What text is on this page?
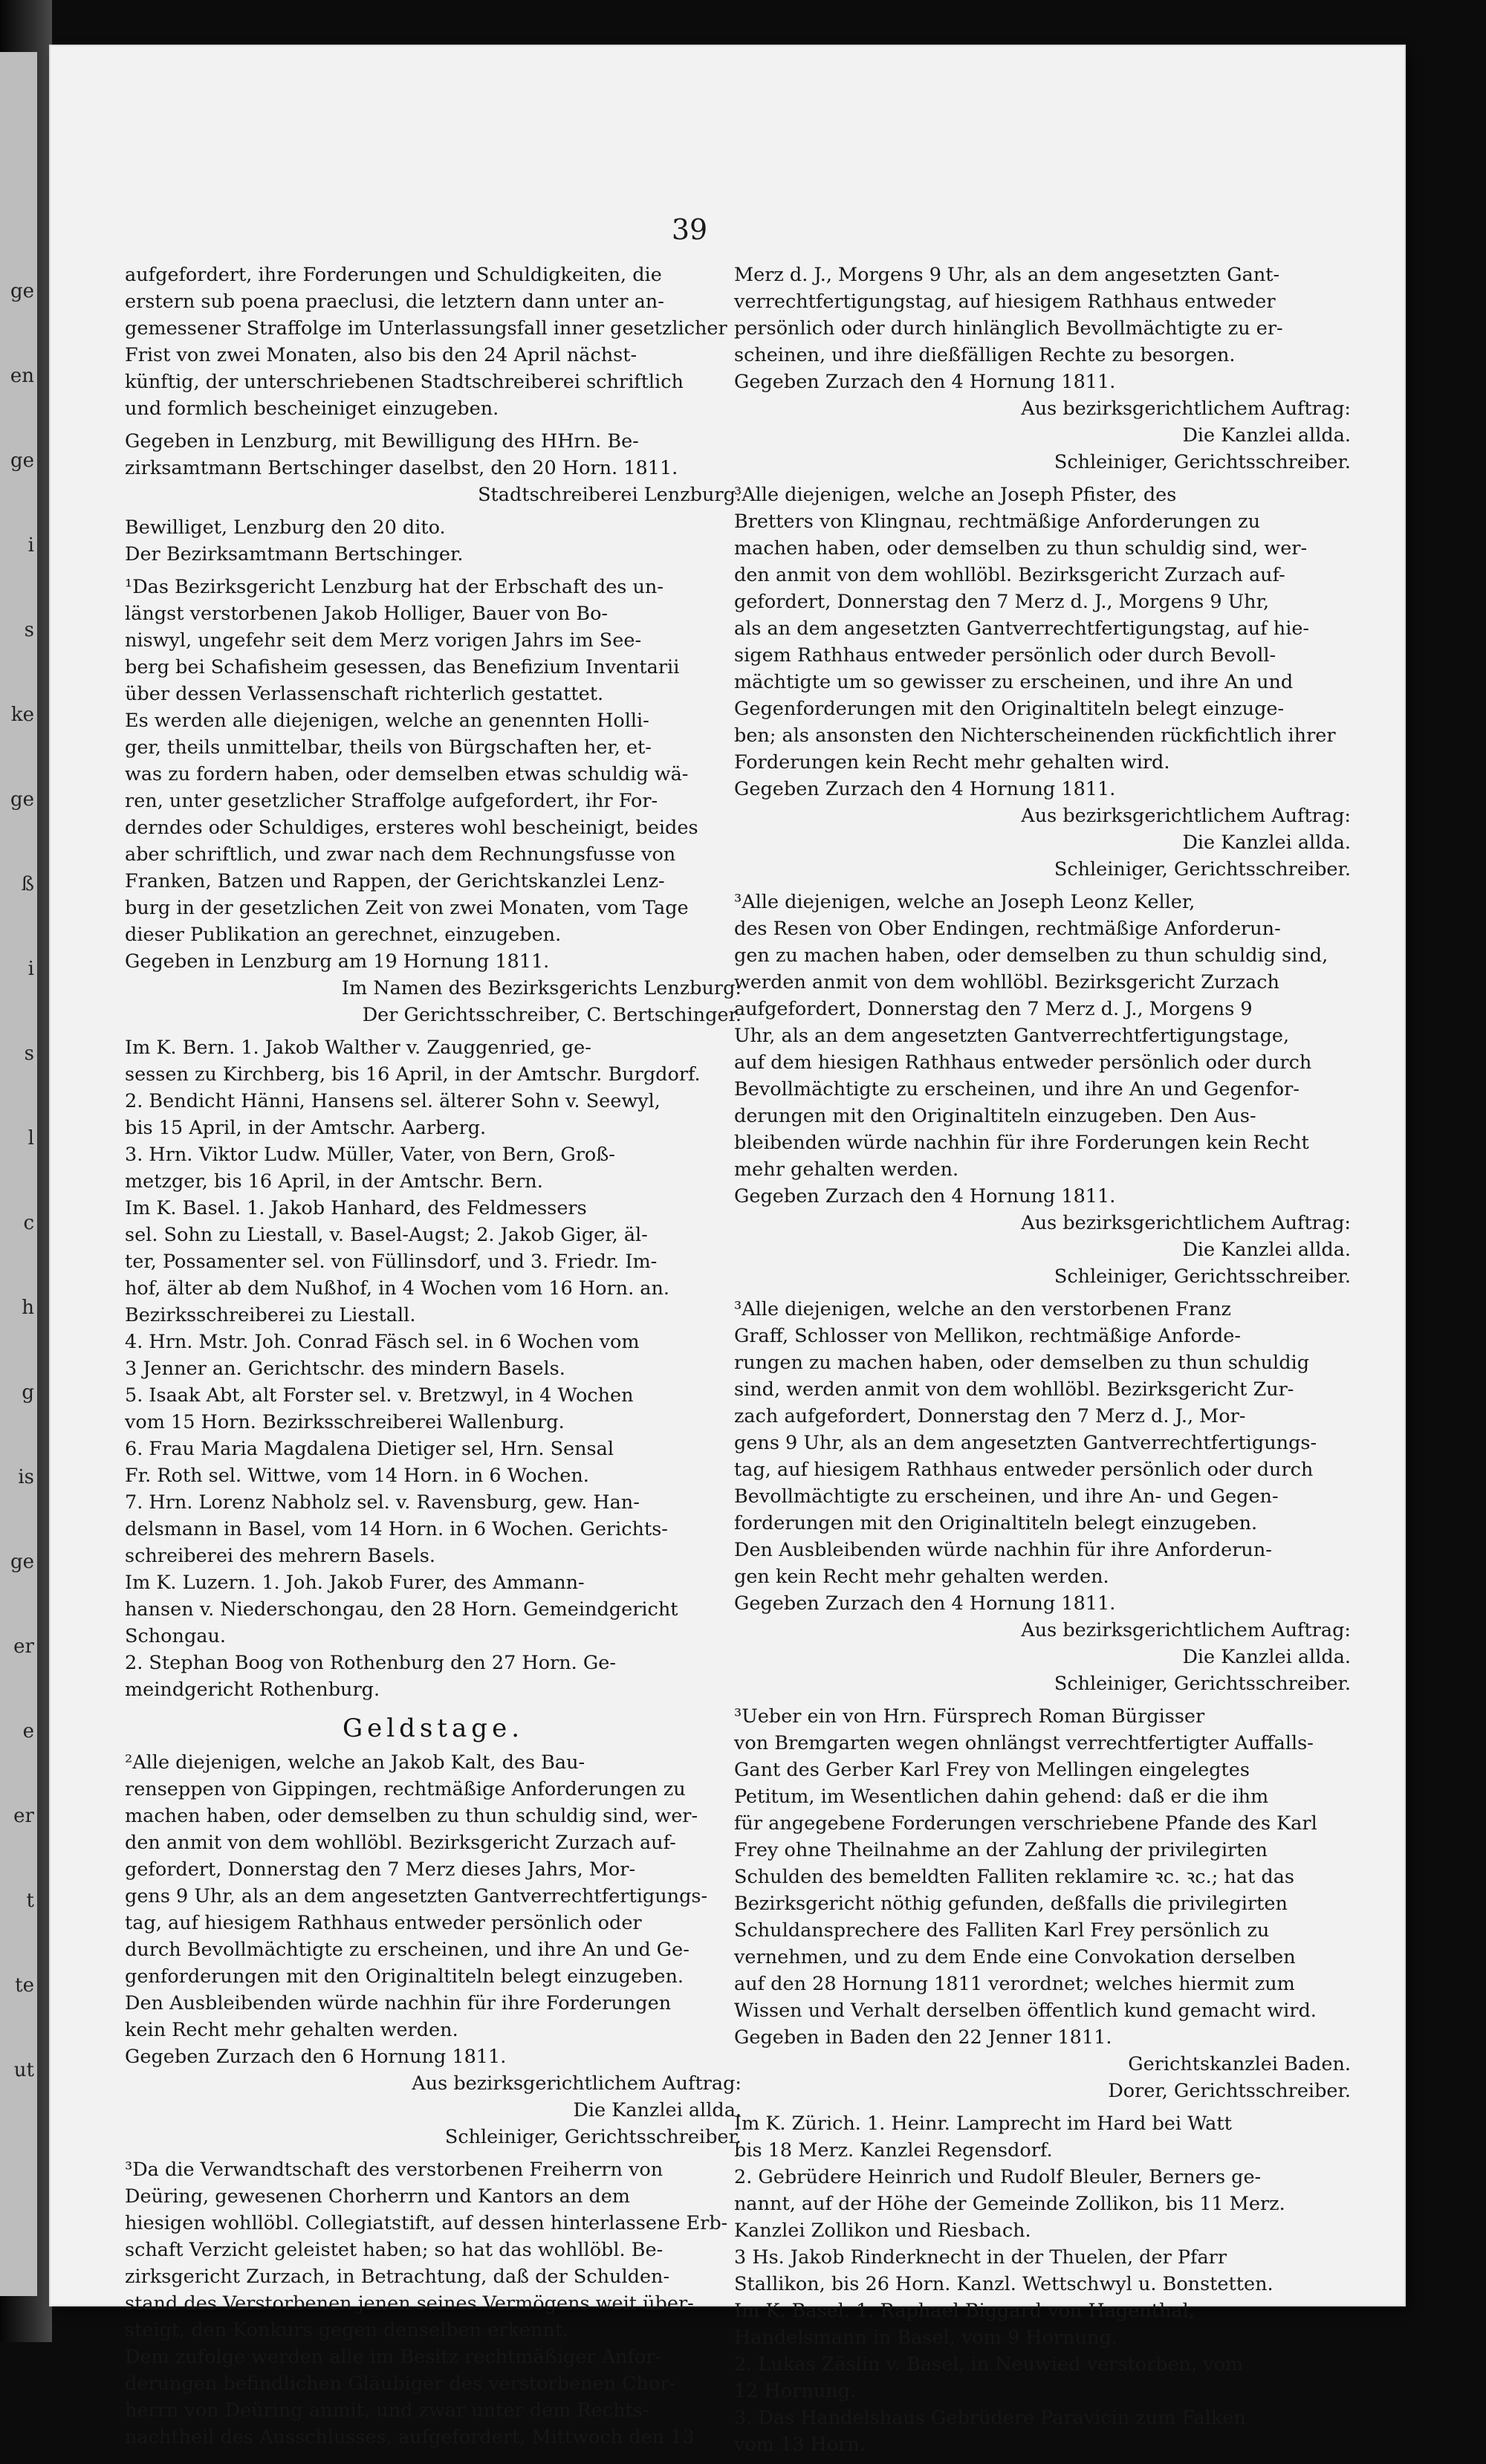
ge
en
ge
i
s
ke
ge
ß
i
s
l
c
h
g
is
ge
er
e
er
t
te
ut
39

aufgefordert, ihre Forderungen und Schuldigkeiten, die

erstern sub poena praeclusi, die letztern dann unter an-

gemessener Straffolge im Unterlassungsfall inner gesetzlicher

Frist von zwei Monaten, also bis den 24 April nächst-

künftig, der unterschriebenen Stadtschreiberei schriftlich

und formlich bescheiniget einzugeben.

Gegeben in Lenzburg, mit Bewilligung des HHrn. Be-

zirksamtmann Bertschinger daselbst, den 20 Horn. 1811.

Stadtschreiberei Lenzburg.

Bewilliget, Lenzburg den 20 dito.

Der Bezirksamtmann Bertschinger.

¹Das Bezirksgericht Lenzburg hat der Erbschaft des un-

längst verstorbenen Jakob Holliger, Bauer von Bo-

niswyl, ungefehr seit dem Merz vorigen Jahrs im See-

berg bei Schafisheim gesessen, das Benefizium Inventarii

über dessen Verlassenschaft richterlich gestattet.

Es werden alle diejenigen, welche an genennten Holli-

ger, theils unmittelbar, theils von Bürgschaften her, et-

was zu fordern haben, oder demselben etwas schuldig wä-

ren, unter gesetzlicher Straffolge aufgefordert, ihr For-

derndes oder Schuldiges, ersteres wohl bescheinigt, beides

aber schriftlich, und zwar nach dem Rechnungsfusse von

Franken, Batzen und Rappen, der Gerichtskanzlei Lenz-

burg in der gesetzlichen Zeit von zwei Monaten, vom Tage

dieser Publikation an gerechnet, einzugeben.

Gegeben in Lenzburg am 19 Hornung 1811.

Im Namen des Bezirksgerichts Lenzburg:

Der Gerichtsschreiber, C. Bertschinger.

Im K. Bern. 1. Jakob Walther v. Zauggenried, ge-

sessen zu Kirchberg, bis 16 April, in der Amtschr. Burgdorf.

2. Bendicht Hänni, Hansens sel. älterer Sohn v. Seewyl,

bis 15 April, in der Amtschr. Aarberg.

3. Hrn. Viktor Ludw. Müller, Vater, von Bern, Groß-

metzger, bis 16 April, in der Amtschr. Bern.

Im K. Basel. 1. Jakob Hanhard, des Feldmessers

sel. Sohn zu Liestall, v. Basel-Augst; 2. Jakob Giger, äl-

ter, Possamenter sel. von Füllinsdorf, und 3. Friedr. Im-

hof, älter ab dem Nußhof, in 4 Wochen vom 16 Horn. an.

Bezirksschreiberei zu Liestall.

4. Hrn. Mstr. Joh. Conrad Fäsch sel. in 6 Wochen vom

3 Jenner an. Gerichtschr. des mindern Basels.

5. Isaak Abt, alt Forster sel. v. Bretzwyl, in 4 Wochen

vom 15 Horn. Bezirksschreiberei Wallenburg.

6. Frau Maria Magdalena Dietiger sel, Hrn. Sensal

Fr. Roth sel. Wittwe, vom 14 Horn. in 6 Wochen.

7. Hrn. Lorenz Nabholz sel. v. Ravensburg, gew. Han-

delsmann in Basel, vom 14 Horn. in 6 Wochen. Gerichts-

schreiberei des mehrern Basels.

Im K. Luzern. 1. Joh. Jakob Furer, des Ammann-

hansen v. Niederschongau, den 28 Horn. Gemeindgericht

Schongau.

2. Stephan Boog von Rothenburg den 27 Horn. Ge-

meindgericht Rothenburg.

Geldstage.

²Alle diejenigen, welche an Jakob Kalt, des Bau-

renseppen von Gippingen, rechtmäßige Anforderungen zu

machen haben, oder demselben zu thun schuldig sind, wer-

den anmit von dem wohllöbl. Bezirksgericht Zurzach auf-

gefordert, Donnerstag den 7 Merz dieses Jahrs, Mor-

gens 9 Uhr, als an dem angesetzten Gantverrechtfertigungs-

tag, auf hiesigem Rathhaus entweder persönlich oder

durch Bevollmächtigte zu erscheinen, und ihre An und Ge-

genforderungen mit den Originaltiteln belegt einzugeben.

Den Ausbleibenden würde nachhin für ihre Forderungen

kein Recht mehr gehalten werden.

Gegeben Zurzach den 6 Hornung 1811.

Aus bezirksgerichtlichem Auftrag:

Die Kanzlei allda.

Schleiniger, Gerichtsschreiber.

³Da die Verwandtschaft des verstorbenen Freiherrn von

Deüring, gewesenen Chorherrn und Kantors an dem

hiesigen wohllöbl. Collegiatstift, auf dessen hinterlassene Erb-

schaft Verzicht geleistet haben; so hat das wohllöbl. Be-

zirksgericht Zurzach, in Betrachtung, daß der Schulden-

stand des Verstorbenen jenen seines Vermögens weit über-

steigt, den Konkurs gegen denselben erkennt.

Dem zufolge werden alle im Besitz rechtmäßiger Anfor-

derungen befindlichen Gläubiger des verstorbenen Chor-

herrn von Deüring anmit, und zwar unter dem Rechts-

nachtheil des Ausschlusses, aufgefordert, Mittwoch den 13

Merz d. J., Morgens 9 Uhr, als an dem angesetzten Gant-

verrechtfertigungstag, auf hiesigem Rathhaus entweder

persönlich oder durch hinlänglich Bevollmächtigte zu er-

scheinen, und ihre dießfälligen Rechte zu besorgen.

Gegeben Zurzach den 4 Hornung 1811.

Aus bezirksgerichtlichem Auftrag:

Die Kanzlei allda.

Schleiniger, Gerichtsschreiber.

³Alle diejenigen, welche an Joseph Pfister, des

Bretters von Klingnau, rechtmäßige Anforderungen zu

machen haben, oder demselben zu thun schuldig sind, wer-

den anmit von dem wohllöbl. Bezirksgericht Zurzach auf-

gefordert, Donnerstag den 7 Merz d. J., Morgens 9 Uhr,

als an dem angesetzten Gantverrechtfertigungstag, auf hie-

sigem Rathhaus entweder persönlich oder durch Bevoll-

mächtigte um so gewisser zu erscheinen, und ihre An und

Gegenforderungen mit den Originaltiteln belegt einzuge-

ben; als ansonsten den Nichterscheinenden rückfichtlich ihrer

Forderungen kein Recht mehr gehalten wird.

Gegeben Zurzach den 4 Hornung 1811.

Aus bezirksgerichtlichem Auftrag:

Die Kanzlei allda.

Schleiniger, Gerichtsschreiber.

³Alle diejenigen, welche an Joseph Leonz Keller,

des Resen von Ober Endingen, rechtmäßige Anforderun-

gen zu machen haben, oder demselben zu thun schuldig sind,

werden anmit von dem wohllöbl. Bezirksgericht Zurzach

aufgefordert, Donnerstag den 7 Merz d. J., Morgens 9

Uhr, als an dem angesetzten Gantverrechtfertigungstage,

auf dem hiesigen Rathhaus entweder persönlich oder durch

Bevollmächtigte zu erscheinen, und ihre An und Gegenfor-

derungen mit den Originaltiteln einzugeben. Den Aus-

bleibenden würde nachhin für ihre Forderungen kein Recht

mehr gehalten werden.

Gegeben Zurzach den 4 Hornung 1811.

Aus bezirksgerichtlichem Auftrag:

Die Kanzlei allda.

Schleiniger, Gerichtsschreiber.

³Alle diejenigen, welche an den verstorbenen Franz

Graff, Schlosser von Mellikon, rechtmäßige Anforde-

rungen zu machen haben, oder demselben zu thun schuldig

sind, werden anmit von dem wohllöbl. Bezirksgericht Zur-

zach aufgefordert, Donnerstag den 7 Merz d. J., Mor-

gens 9 Uhr, als an dem angesetzten Gantverrechtfertigungs-

tag, auf hiesigem Rathhaus entweder persönlich oder durch

Bevollmächtigte zu erscheinen, und ihre An- und Gegen-

forderungen mit den Originaltiteln belegt einzugeben.

Den Ausbleibenden würde nachhin für ihre Anforderun-

gen kein Recht mehr gehalten werden.

Gegeben Zurzach den 4 Hornung 1811.

Aus bezirksgerichtlichem Auftrag:

Die Kanzlei allda.

Schleiniger, Gerichtsschreiber.

³Ueber ein von Hrn. Fürsprech Roman Bürgisser

von Bremgarten wegen ohnlängst verrechtfertigter Auffalls-

Gant des Gerber Karl Frey von Mellingen eingelegtes

Petitum, im Wesentlichen dahin gehend: daß er die ihm

für angegebene Forderungen verschriebene Pfande des Karl

Frey ohne Theilnahme an der Zahlung der privilegirten

Schulden des bemeldten Falliten reklamire ꝛc. ꝛc.; hat das

Bezirksgericht nöthig gefunden, deßfalls die privilegirten

Schuldansprechere des Falliten Karl Frey persönlich zu

vernehmen, und zu dem Ende eine Convokation derselben

auf den 28 Hornung 1811 verordnet; welches hiermit zum

Wissen und Verhalt derselben öffentlich kund gemacht wird.

Gegeben in Baden den 22 Jenner 1811.

Gerichtskanzlei Baden.

Dorer, Gerichtsschreiber.

Im K. Zürich. 1. Heinr. Lamprecht im Hard bei Watt

bis 18 Merz. Kanzlei Regensdorf.

2. Gebrüdere Heinrich und Rudolf Bleuler, Berners ge-

nannt, auf der Höhe der Gemeinde Zollikon, bis 11 Merz.

Kanzlei Zollikon und Riesbach.

3 Hs. Jakob Rinderknecht in der Thuelen, der Pfarr

Stallikon, bis 26 Horn. Kanzl. Wettschwyl u. Bonstetten.

Im K. Basel. 1. Raphael Biggard von Hagenthal,

Handelsmann in Basel, vom 9 Hornung.

2. Lukas Zäslin v. Basel, in Neuwied verstorben, vom

12 Hornung.

3. Das Handelshaus Gebrüdere Paravicin zum Falken

vom 13 Horn.
